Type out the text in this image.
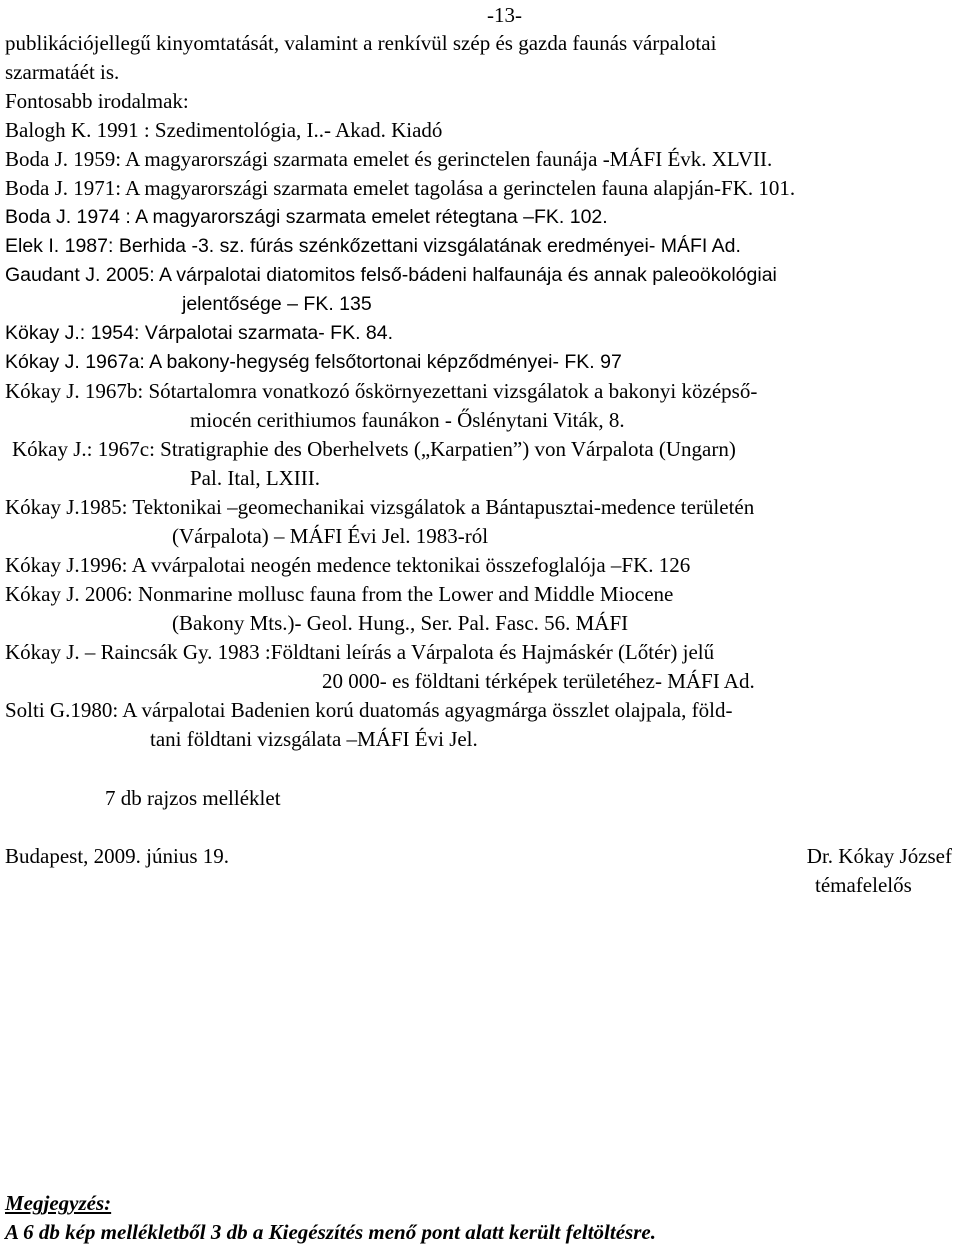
-13-
publikációjellegű kinyomtatását, valamint a renkívül szép és gazda faunás várpalotai
szarmatáét is.
Fontosabb irodalmak:
Balogh K. 1991 : Szedimentológia, I..- Akad. Kiadó
Boda J. 1959: A magyarországi szarmata emelet és gerinctelen faunája -MÁFI Évk. XLVII.
Boda J. 1971: A magyarországi szarmata emelet tagolása a gerinctelen fauna alapján-FK. 101.
Boda J. 1974 : A magyarországi szarmata emelet rétegtana –FK. 102.
Elek I. 1987: Berhida -3. sz. fúrás szénkőzettani vizsgálatának eredményei- MÁFI Ad.
Gaudant J. 2005: A várpalotai diatomitos felső-bádeni halfaunája és annak paleoökológiai
jelentősége – FK. 135
Kökay J.: 1954: Várpalotai szarmata- FK. 84.
Kókay J. 1967a: A bakony-hegység felsőtortonai képződményei- FK. 97
Kókay J. 1967b: Sótartalomra vonatkozó őskörnyezettani vizsgálatok a bakonyi középső-
miocén cerithiumos faunákon - Őslénytani Viták, 8.
Kókay J.: 1967c: Stratigraphie des Oberhelvets („Karpatien”) von Várpalota (Ungarn)
Pal. Ital, LXIII.
Kókay J.1985: Tektonikai –geomechanikai vizsgálatok a Bántapusztai-medence területén
(Várpalota) – MÁFI Évi Jel. 1983-ról
Kókay J.1996: A vvárpalotai neogén medence tektonikai összefoglalója –FK. 126
Kókay J. 2006: Nonmarine mollusc fauna from the Lower and Middle Miocene
(Bakony Mts.)- Geol. Hung., Ser. Pal. Fasc. 56. MÁFI
Kókay J. – Raincsák Gy. 1983 :Földtani leírás a Várpalota és Hajmáskér (Lőtér) jelű
20 000- es földtani térképek területéhez- MÁFI Ad.
Solti G.1980: A várpalotai Badenien korú duatomás agyagmárga összlet olajpala, föld-
tani földtani vizsgálata –MÁFI Évi Jel.
7 db rajzos melléklet
Budapest, 2009. június 19.	Dr. Kókay József
témafelelős
Megjegyzés:
A 6 db kép mellékletből 3 db a Kiegészítés menő pont alatt került feltöltésre.
